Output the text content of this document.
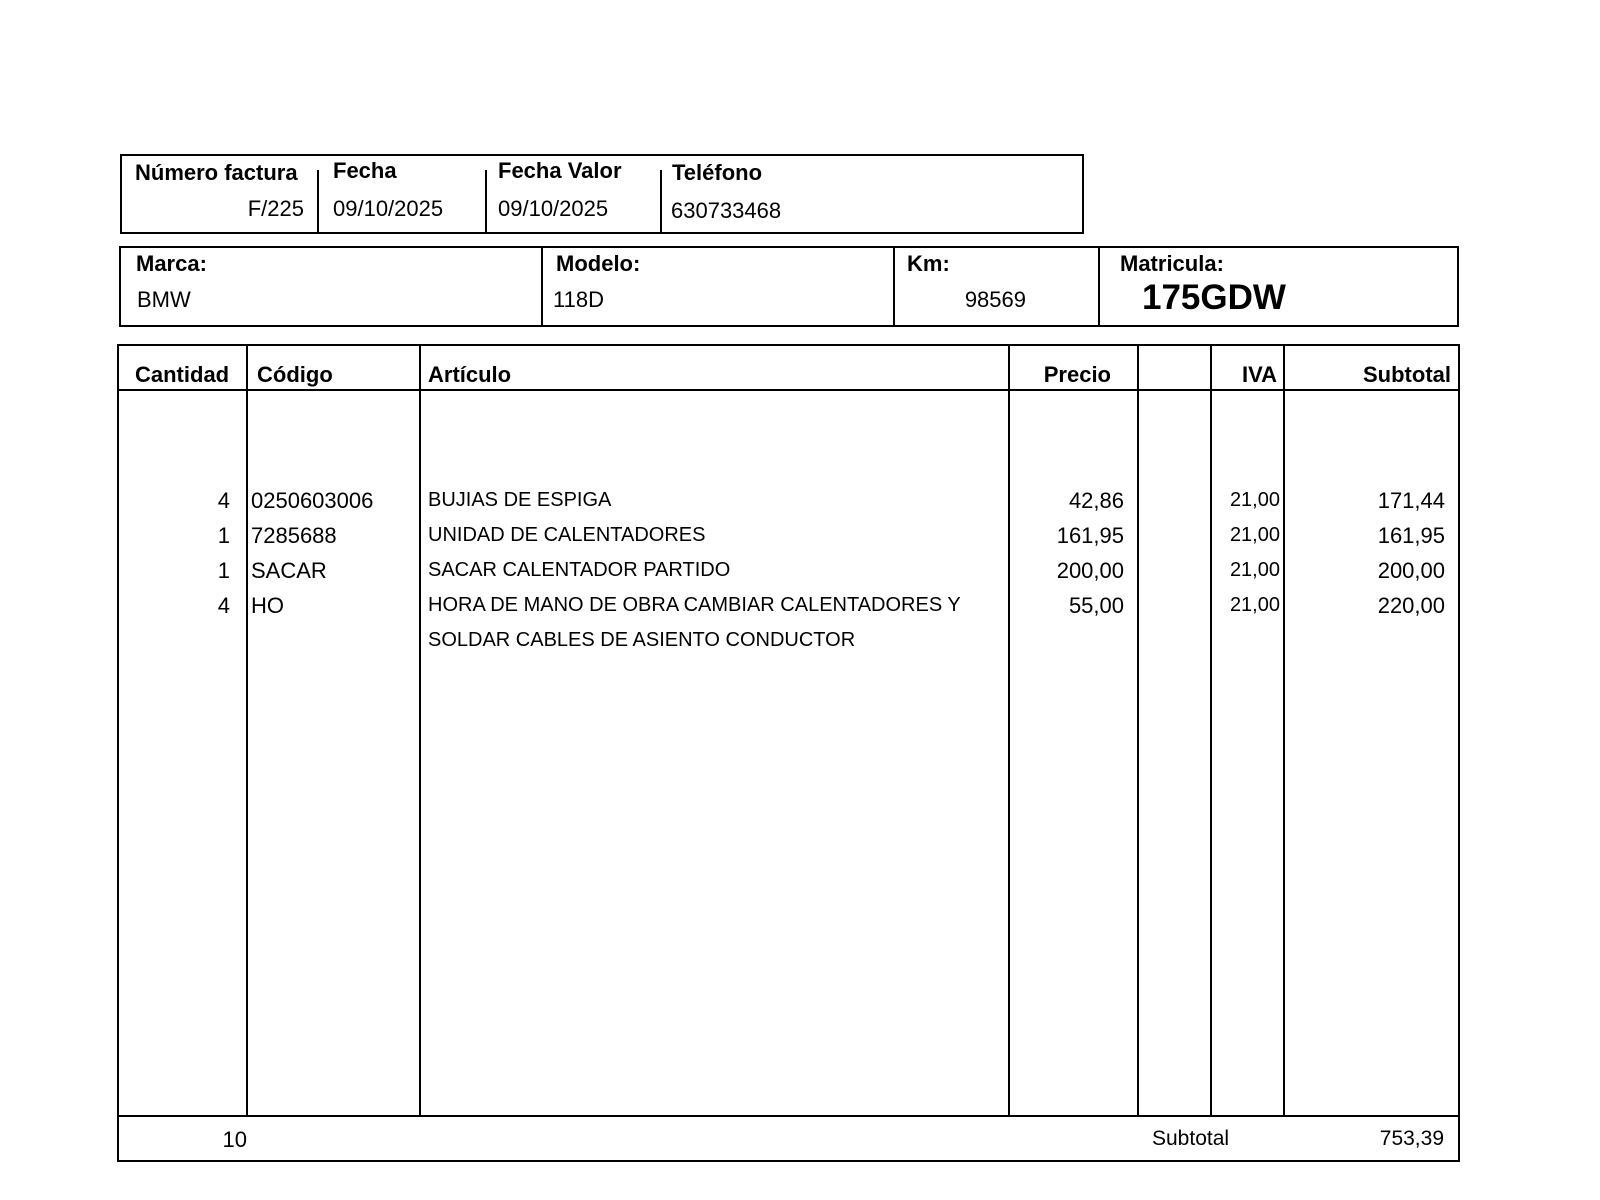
Número factura
F/225
Fecha
09/10/2025
Fecha Valor
09/10/2025
Teléfono
630733468
Marca:
BMW
Modelo:
118D
Km:
98569
Matricula:
175GDW
Cantidad Código	Artículo	Precio	IVA	Subtotal
4 0250603006	BUJIAS DE ESPIGA	42,86	21,00	171,44
1 7285688	UNIDAD DE CALENTADORES	161,95	21,00	161,95
1 SACAR	SACAR CALENTADOR PARTIDO	200,00	21,00	200,00
4 HO	HORA DE MANO DE OBRA CAMBIAR CALENTADORES Y	55,00	21,00	220,00
SOLDAR CABLES DE ASIENTO CONDUCTOR
10	Subtotal	753,39
